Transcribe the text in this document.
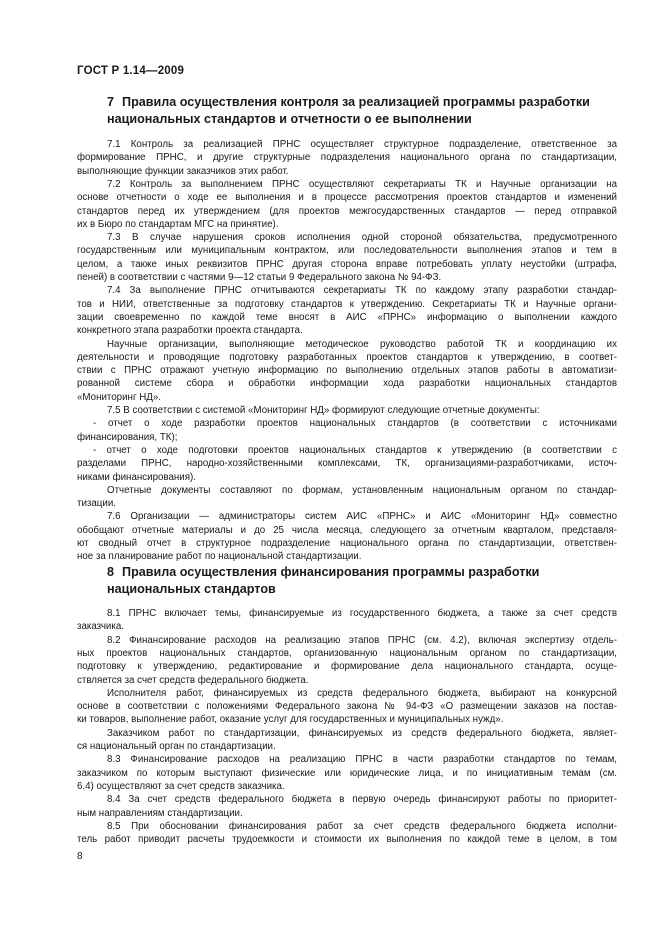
ГОСТ Р 1.14—2009
7 Правила осуществления контроля за реализацией программы разработки
национальных стандартов и отчетности о ее выполнении
7.1 Контроль за реализацией ПРНС осуществляет структурное подразделение, ответственное за
формирование ПРНС, и другие структурные подразделения национального органа по стандартизации,
выполняющие функции заказчиков этих работ.
7.2 Контроль за выполнением ПРНС осуществляют секретариаты ТК и Научные организации на
основе отчетности о ходе ее выполнения и в процессе рассмотрения проектов стандартов и изменений
стандартов перед их утверждением (для проектов межгосударственных стандартов — перед отправкой
их в Бюро по стандартам МГС на принятие).
7.3 В случае нарушения сроков исполнения одной стороной обязательства, предусмотренного
государственным или муниципальным контрактом, или последовательности выполнения этапов и тем в
целом, а также иных реквизитов ПРНС другая сторона вправе потребовать уплату неустойки (штрафа,
пеней) в соответствии с частями 9—12 статьи 9 Федерального закона № 94-ФЗ.
7.4 За выполнение ПРНС отчитываются секретариаты ТК по каждому этапу разработки стандар-
тов и НИИ, ответственные за подготовку стандартов к утверждению. Секретариаты ТК и Научные органи-
зации своевременно по каждой теме вносят в АИС «ПРНС» информацию о выполнении каждого
конкретного этапа разработки проекта стандарта.
Научные организации, выполняющие методическое руководство работой ТК и координацию их
деятельности и проводящие подготовку разработанных проектов стандартов к утверждению, в соответ-
ствии с ПРНС отражают учетную информацию по выполнению отдельных этапов работы в автоматизи-
рованной системе сбора и обработки информации хода разработки национальных стандартов
«Мониторинг НД».
7.5 В соответствии с системой «Мониторинг НД» формируют следующие отчетные документы:
- отчет о ходе разработки проектов национальных стандартов (в соответствии с источниками
финансирования, ТК);
- отчет о ходе подготовки проектов национальных стандартов к утверждению (в соответствии с
разделами ПРНС, народно-хозяйственными комплексами, ТК, организациями-разработчиками, источ-
никами финансирования).
Отчетные документы составляют по формам, установленным национальным органом по стандар-
тизации.
7.6 Организации — администраторы систем АИС «ПРНС» и АИС «Мониторинг НД» совместно
обобщают отчетные материалы и до 25 числа месяца, следующего за отчетным кварталом, представля-
ют сводный отчет в структурное подразделение национального органа по стандартизации, ответствен-
ное за планирование работ по национальной стандартизации.
8 Правила осуществления финансирования программы разработки
национальных стандартов
8.1 ПРНС включает темы, финансируемые из государственного бюджета, а также за счет средств
заказчика.
8.2 Финансирование расходов на реализацию этапов ПРНС (см. 4.2), включая экспертизу отдель-
ных проектов национальных стандартов, организованную национальным органом по стандартизации,
подготовку к утверждению, редактирование и формирование дела национального стандарта, осуще-
ствляется за счет средств федерального бюджета.
Исполнителя работ, финансируемых из средств федерального бюджета, выбирают на конкурсной
основе в соответствии с положениями Федерального закона № 94-ФЗ «О размещении заказов на постав-
ки товаров, выполнение работ, оказание услуг для государственных и муниципальных нужд».
Заказчиком работ по стандартизации, финансируемых из средств федерального бюджета, являет-
ся национальный орган по стандартизации.
8.3 Финансирование расходов на реализацию ПРНС в части разработки стандартов по темам,
заказчиком по которым выступают физические или юридические лица, и по инициативным темам (см.
6.4) осуществляют за счет средств заказчика.
8.4 За счет средств федерального бюджета в первую очередь финансируют работы по приоритет-
ным направлениям стандартизации.
8.5 При обосновании финансирования работ за счет средств федерального бюджета исполни-
тель работ приводит расчеты трудоемкости и стоимости их выполнения по каждой теме в целом, в том
8
